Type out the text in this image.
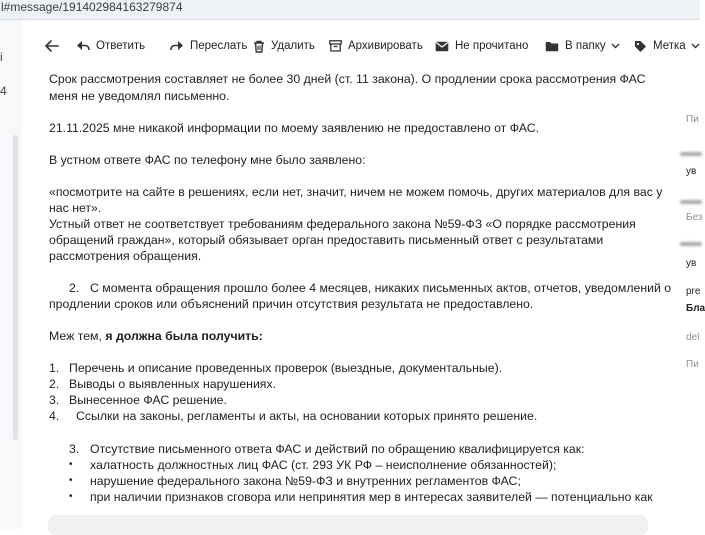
l#message/191402984163279874
i
4
Ответить	Переслать Удалить	Архивировать	Не прочитано	В папку	Метка

Срок рассмотрения составляет не более 30 дней (ст. 11 закона). О продлении срока рассмотрения ФАС

меня не уведомлял письменно.

21.11.2025 мне никакой информации по моему заявлению не предоставлено от ФАС.

В устном ответе ФАС по телефону мне было заявлено:

«посмотрите на сайте в решениях, если нет, значит, ничем не можем помочь, других материалов для вас у

нас нет».

Устный ответ не соответствует требованиям федерального закона №59-ФЗ «О порядке рассмотрения

обращений граждан», который обязывает орган предоставить письменный ответ с результатами

рассмотрения обращения.

2. С момента обращения прошло более 4 месяцев, никаких письменных актов, отчетов, уведомлений о

продлении сроков или объяснений причин отсутствия результата не предоставлено.

Меж тем, я должна была получить:

1. Перечень и описание проведенных проверок (выездные, документальные).

2. Выводы о выявленных нарушениях.

3. Вынесенное ФАС решение.

4. Ссылки на законы, регламенты и акты, на основании которых принято решение.

3. Отсутствие письменного ответа ФАС и действий по обращению квалифицируется как:

• халатность должностных лиц ФАС (ст. 293 УК РФ – неисполнение обязанностей);

• нарушение федерального закона №59-ФЗ и внутренних регламентов ФАС;

• при наличии признаков сговора или непринятия мер в интересах заявителей — потенциально как

Пи
ув
Без
ув
pre
Бла
del
Пи
